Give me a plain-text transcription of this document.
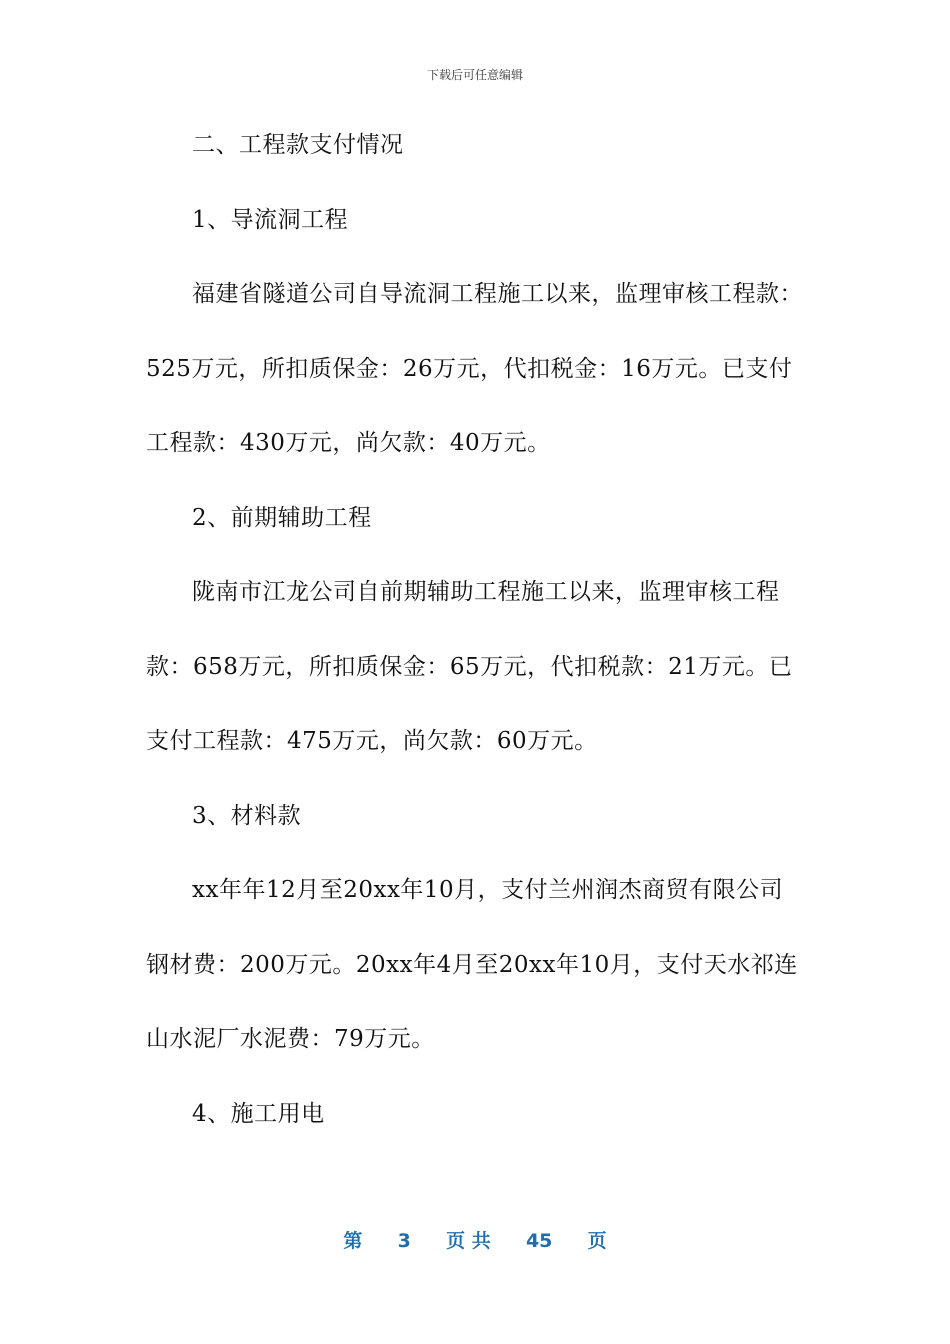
下载后可任意编辑
二、工程款支付情况
1、导流洞工程
福建省隧道公司自导流洞工程施工以来，监理审核工程款：
525万元，所扣质保金：26万元，代扣税金：16万元。已支付
工程款：430万元，尚欠款：40万元。
2、前期辅助工程
陇南市江龙公司自前期辅助工程施工以来，监理审核工程
款：658万元，所扣质保金：65万元，代扣税款：21万元。已
支付工程款：475万元，尚欠款：60万元。
3、材料款
xx年年12月至20xx年10月，支付兰州润杰商贸有限公司
钢材费：200万元。20xx年4月至20xx年10月，支付天水祁连
山水泥厂水泥费：79万元。
4、施工用电
第 3 页 共 45 页
